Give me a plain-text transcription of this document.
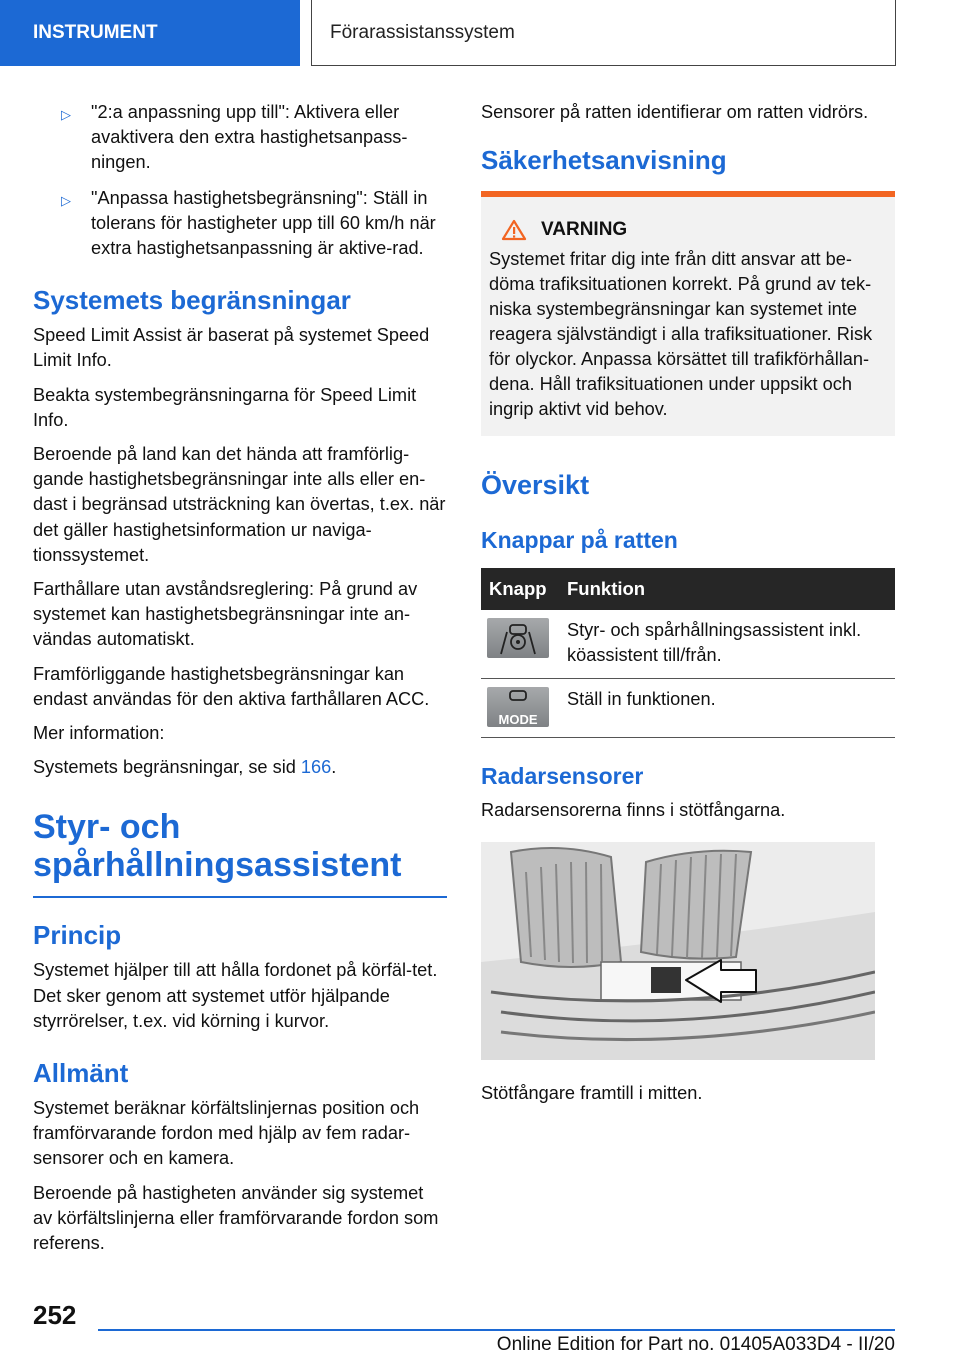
INSTRUMENT	Förarassistanssystem
▷	"2:a anpassning upp till": Aktivera eller avaktivera den extra hastighetsanpass-ningen.
▷	"Anpassa hastighetsbegränsning": Ställ in tolerans för hastigheter upp till 60 km/h när extra hastighetsanpassning är aktive-rad.
Systemets begränsningar

Speed Limit Assist är baserat på systemet Speed Limit Info.

Beakta systembegränsningarna för Speed Limit Info.

Beroende på land kan det hända att framförlig-gande hastighetsbegränsningar inte alls eller en-dast i begränsad utsträckning kan övertas, t.ex. när det gäller hastighetsinformation ur naviga-tionssystemet.

Farthållare utan avståndsreglering: På grund av systemet kan hastighetsbegränsningar inte an-vändas automatiskt.

Framförliggande hastighetsbegränsningar kan endast användas för den aktiva farthållaren ACC.

Mer information:

Systemets begränsningar, se sid 166.

Styr- och spårhållningsassistent
Princip

Systemet hjälper till att hålla fordonet på körfäl-tet. Det sker genom att systemet utför hjälpande styrrörelser, t.ex. vid körning i kurvor.

Allmänt

Systemet beräknar körfältslinjernas position och framförvarande fordon med hjälp av fem radar-sensorer och en kamera.

Beroende på hastigheten använder sig systemet av körfältslinjerna eller framförvarande fordon som referens.

Sensorer på ratten identifierar om ratten vidrörs.

Säkerhetsanvisning
VARNING

Systemet fritar dig inte från ditt ansvar att be-döma trafiksituationen korrekt. På grund av tek-niska systembegränsningar kan systemet inte reagera självständigt i alla trafiksituationer. Risk för olyckor. Anpassa körsättet till trafikförhållan-dena. Håll trafiksituationen under uppsikt och ingrip aktivt vid behov.

Översikt
Knappar på ratten
Knapp	Funktion

	Styr- och spårhållningsassistent inkl. köassistent till/från.

MODE	Ställ in funktionen.
Radarsensorer

Radarsensorerna finns i stötfångarna.

Stötfångare framtill i mitten.

252
Online Edition for Part no. 01405A033D4 - II/20
